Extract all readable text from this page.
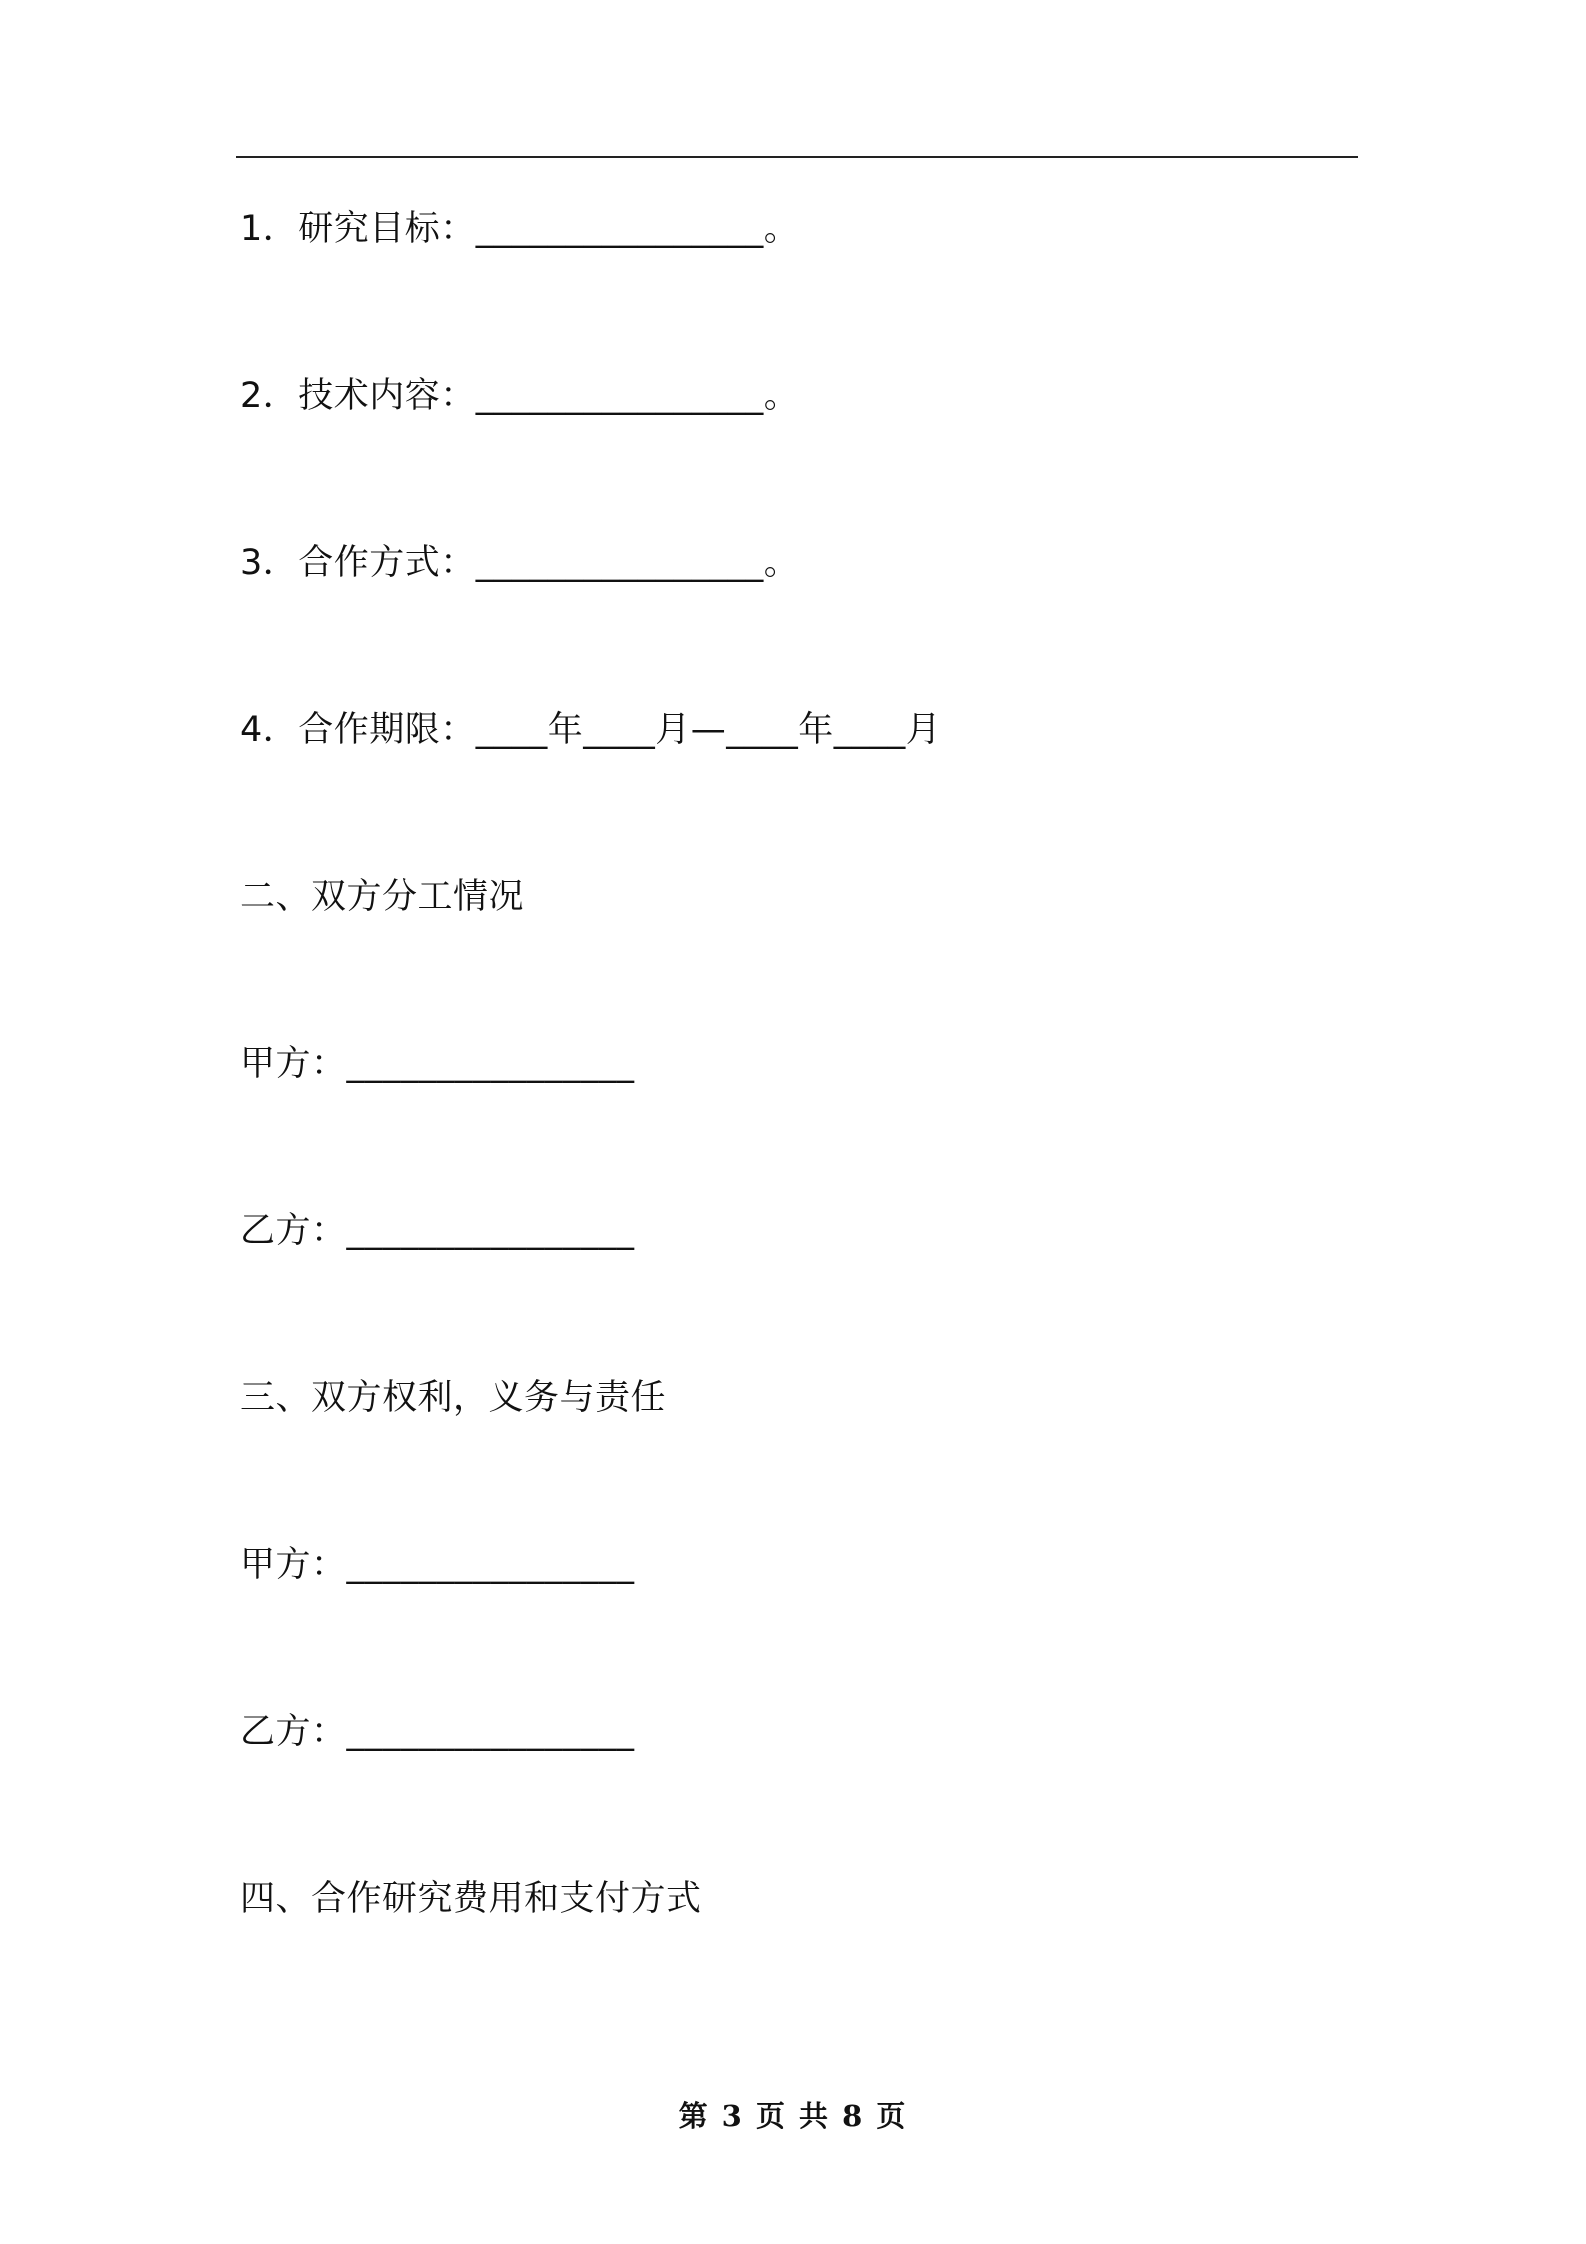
1．研究目标：________________。
2．技术内容：________________。
3．合作方式：________________。
4．合作期限：____年____月—____年____月
二、双方分工情况
甲方：________________
乙方：________________
三、双方权利，义务与责任
甲方：________________
乙方：________________
四、合作研究费用和支付方式
第 3 页 共 8 页
